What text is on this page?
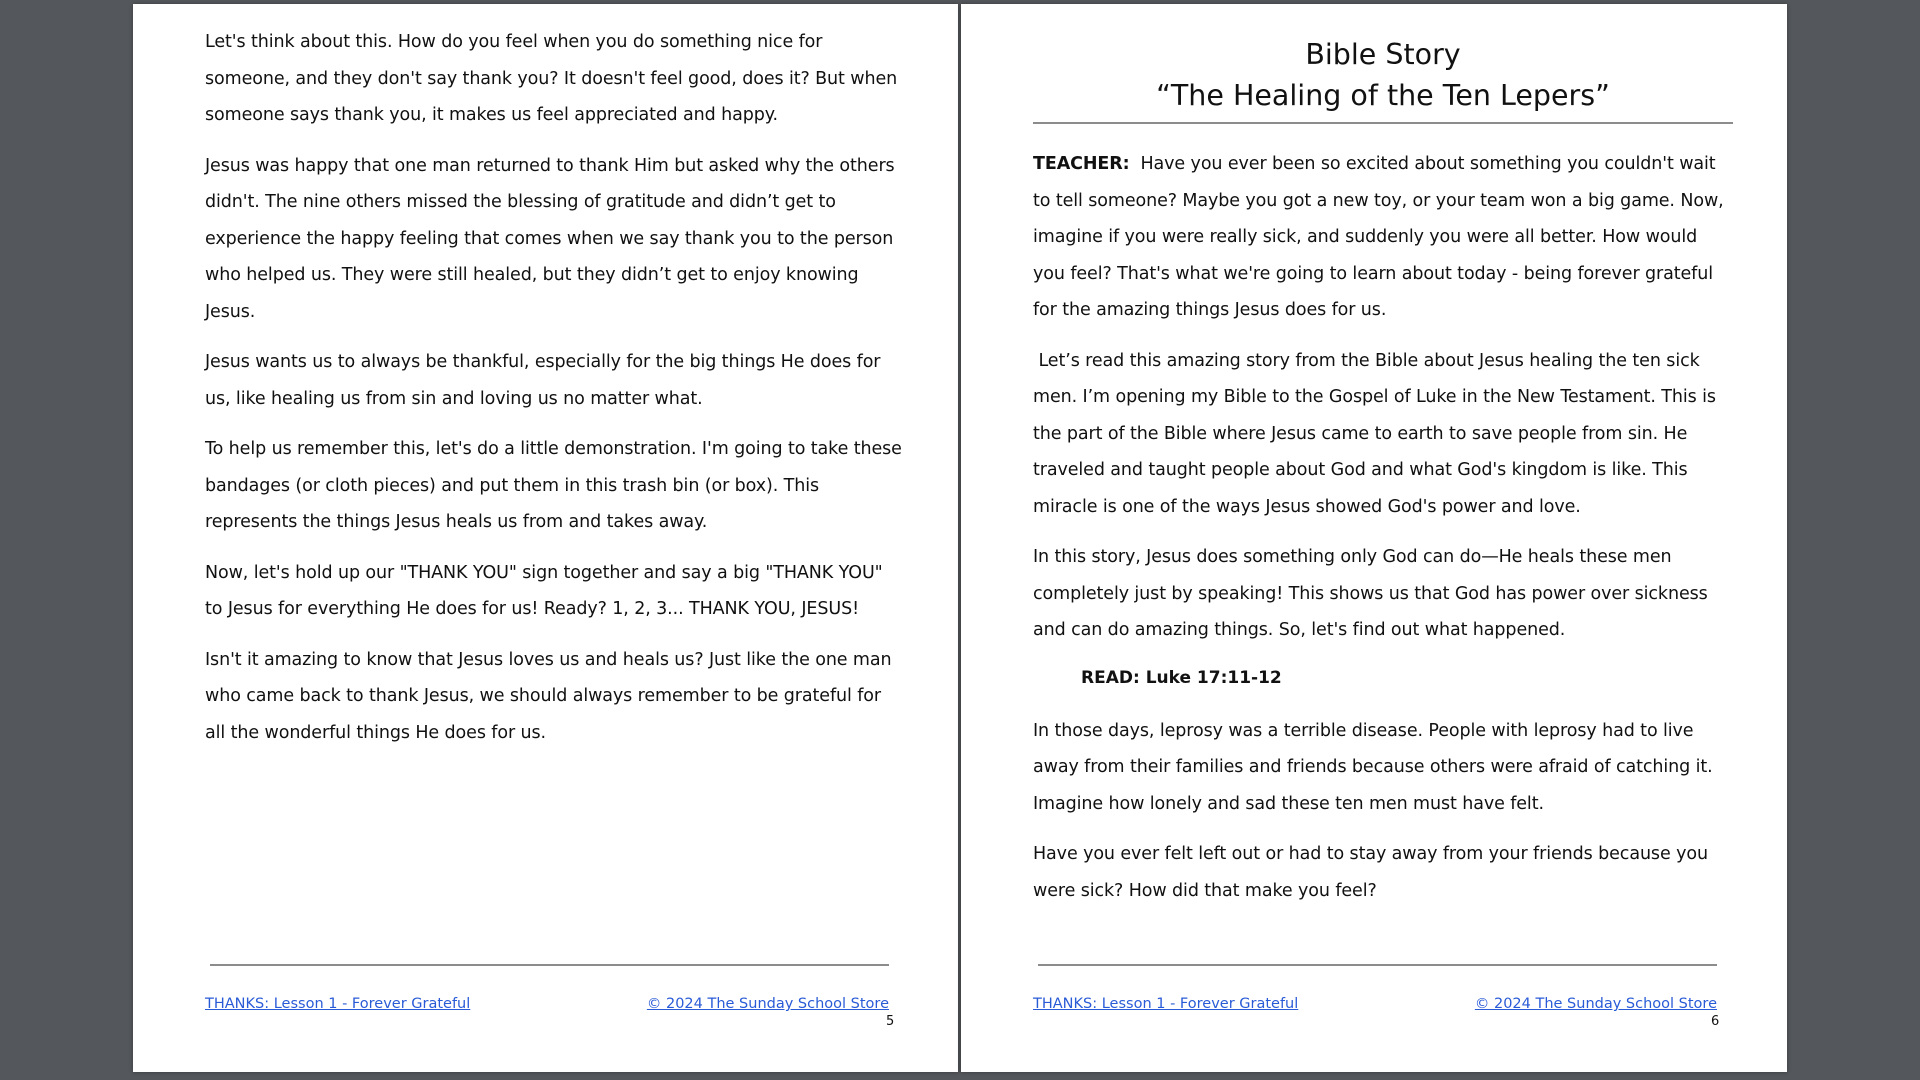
Let's think about this. How do you feel when you do something nice for someone, and they don't say thank you? It doesn't feel good, does it? But when someone says thank you, it makes us feel appreciated and happy.

Jesus was happy that one man returned to thank Him but asked why the others didn't. The nine others missed the blessing of gratitude and didn’t get to experience the happy feeling that comes when we say thank you to the person who helped us. They were still healed, but they didn’t get to enjoy knowing Jesus.

Jesus wants us to always be thankful, especially for the big things He does for us, like healing us from sin and loving us no matter what.

To help us remember this, let's do a little demonstration. I'm going to take these bandages (or cloth pieces) and put them in this trash bin (or box). This represents the things Jesus heals us from and takes away.

Now, let's hold up our "THANK YOU" sign together and say a big "THANK YOU" to Jesus for everything He does for us! Ready? 1, 2, 3... THANK YOU, JESUS!

Isn't it amazing to know that Jesus loves us and heals us? Just like the one man who came back to thank Jesus, we should always remember to be grateful for all the wonderful things He does for us.

THANKS: Lesson 1 - Forever Grateful	© 2024 The Sunday School Store
5
Bible Story
“The Healing of the Ten Lepers”

TEACHER:  Have you ever been so excited about something you couldn't wait to tell someone? Maybe you got a new toy, or your team won a big game. Now, imagine if you were really sick, and suddenly you were all better. How would you feel? That's what we're going to learn about today - being forever grateful for the amazing things Jesus does for us.

Let’s read this amazing story from the Bible about Jesus healing the ten sick men. I’m opening my Bible to the Gospel of Luke in the New Testament. This is the part of the Bible where Jesus came to earth to save people from sin. He traveled and taught people about God and what God's kingdom is like. This miracle is one of the ways Jesus showed God's power and love.

In this story, Jesus does something only God can do—He heals these men completely just by speaking! This shows us that God has power over sickness and can do amazing things. So, let's find out what happened.

READ: Luke 17:11-12

In those days, leprosy was a terrible disease. People with leprosy had to live away from their families and friends because others were afraid of catching it. Imagine how lonely and sad these ten men must have felt.

Have you ever felt left out or had to stay away from your friends because you were sick? How did that make you feel?

THANKS: Lesson 1 - Forever Grateful	© 2024 The Sunday School Store
6
